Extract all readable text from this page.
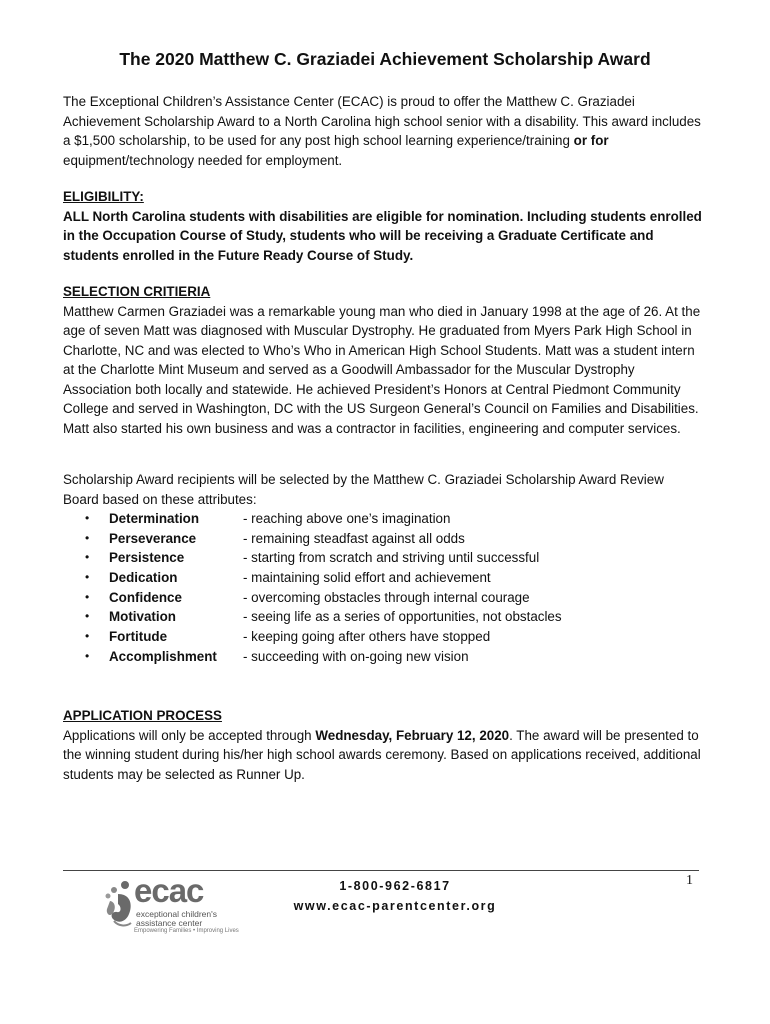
The 2020 Matthew C. Graziadei Achievement Scholarship Award

The Exceptional Children’s Assistance Center (ECAC) is proud to offer the Matthew C. Graziadei Achievement Scholarship Award to a North Carolina high school senior with a disability. This award includes a $1,500 scholarship, to be used for any post high school learning experience/training or for equipment/technology needed for employment.

ELIGIBILITY:

ALL North Carolina students with disabilities are eligible for nomination. Including students enrolled in the Occupation Course of Study, students who will be receiving a Graduate Certificate and students enrolled in the Future Ready Course of Study.

SELECTION CRITIERIA

Matthew Carmen Graziadei was a remarkable young man who died in January 1998 at the age of 26. At the age of seven Matt was diagnosed with Muscular Dystrophy. He graduated from Myers Park High School in Charlotte, NC and was elected to Who’s Who in American High School Students. Matt was a student intern at the Charlotte Mint Museum and served as a Goodwill Ambassador for the Muscular Dystrophy Association both locally and statewide. He achieved President’s Honors at Central Piedmont Community College and served in Washington, DC with the US Surgeon General’s Council on Families and Disabilities. Matt also started his own business and was a contractor in facilities, engineering and computer services.

Scholarship Award recipients will be selected by the Matthew C. Graziadei Scholarship Award Review Board based on these attributes:

• Determination	- reaching above one’s imagination
• Perseverance	- remaining steadfast against all odds
• Persistence	- starting from scratch and striving until successful
• Dedication	- maintaining solid effort and achievement
• Confidence	- overcoming obstacles through internal courage
• Motivation	- seeing life as a series of opportunities, not obstacles
• Fortitude	- keeping going after others have stopped
• Accomplishment - succeeding with on-going new vision

APPLICATION PROCESS

Applications will only be accepted through Wednesday, February 12, 2020. The award will be presented to the winning student during his/her high school awards ceremony. Based on applications received, additional students may be selected as Runner Up.

1
ecac
exceptional children's
assistance center
Empowering Families • Improving Lives
1-800-962-6817
www.ecac-parentcenter.org
